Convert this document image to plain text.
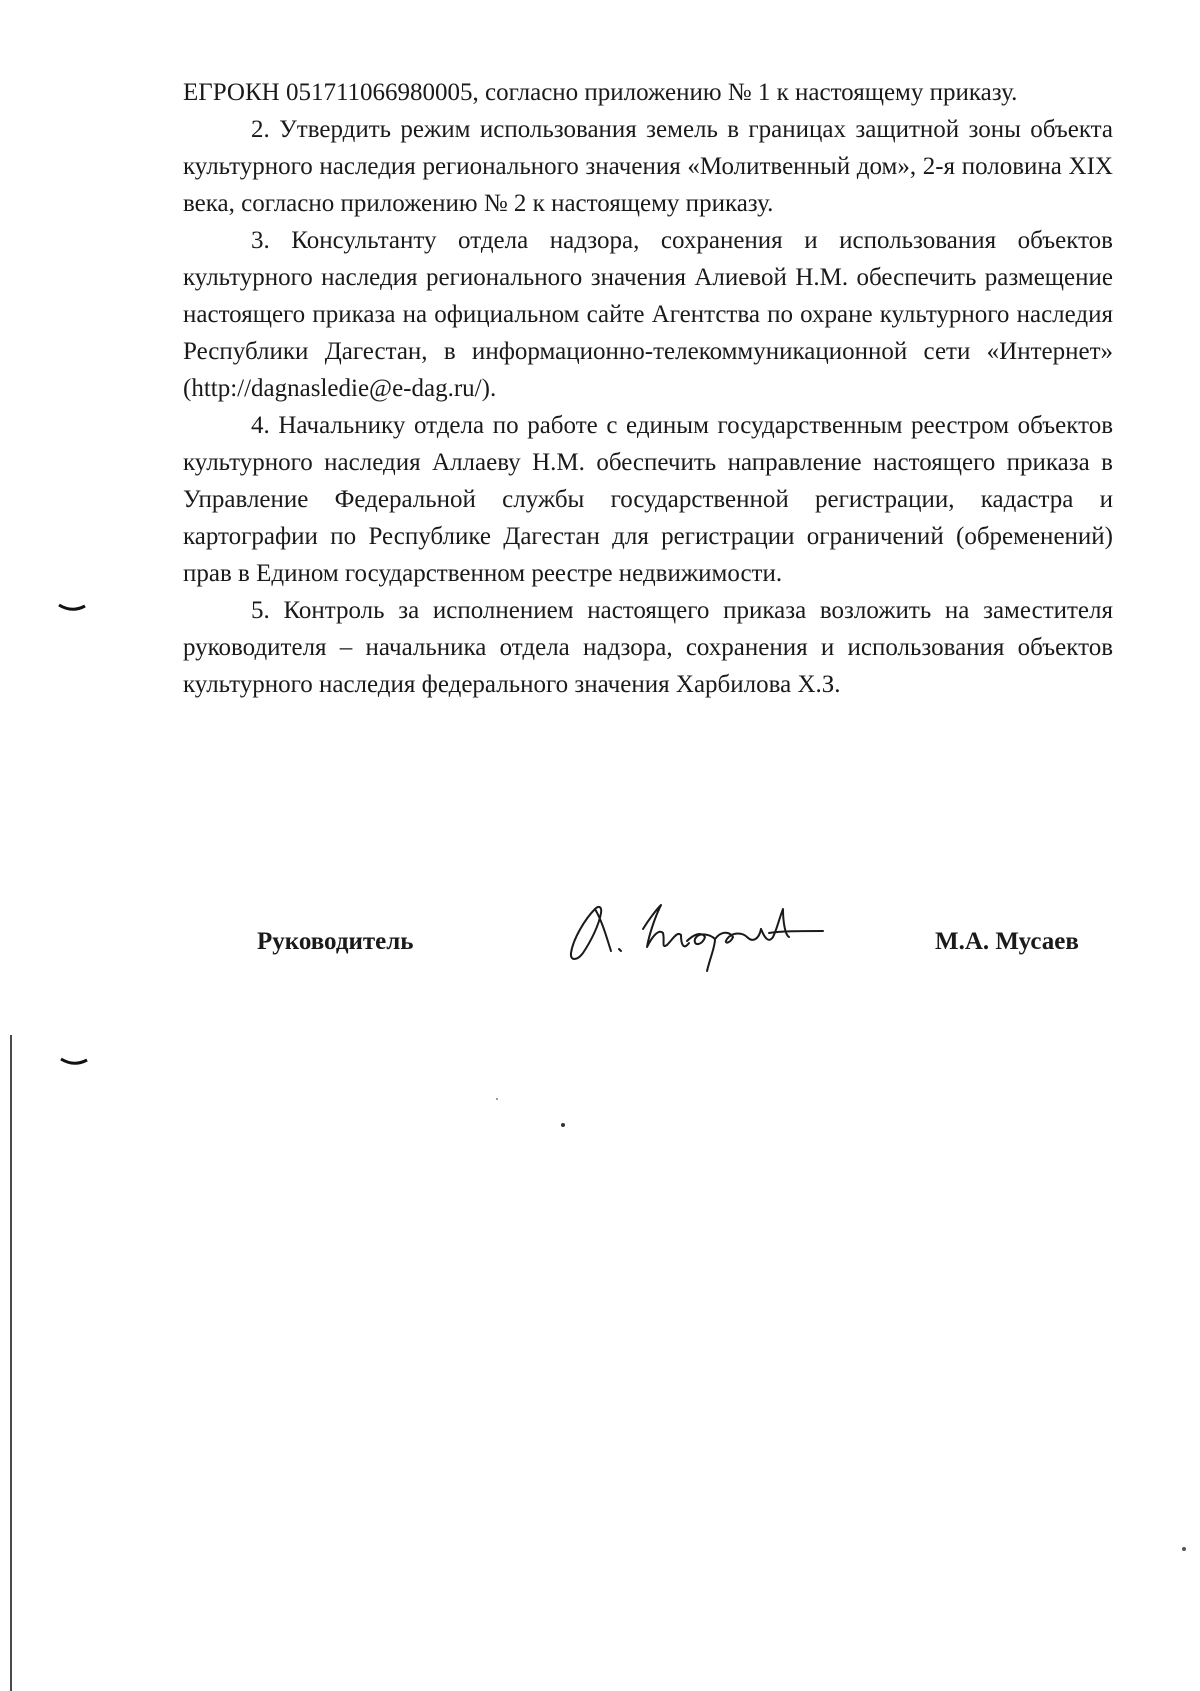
ЕГРОКН 051711066980005, согласно приложению № 1 к настоящему приказу.

2. Утвердить режим использования земель в границах защитной зоны объекта культурного наследия регионального значения «Молитвенный дом», 2-я половина XIX века, согласно приложению № 2 к настоящему приказу.

3. Консультанту отдела надзора, сохранения и использования объектов культурного наследия регионального значения Алиевой Н.М. обеспечить размещение настоящего приказа на официальном сайте Агентства по охране культурного наследия Республики Дагестан, в информационно-телекоммуникационной сети «Интернет» (http://dagnasledie@e-dag.ru/).

4. Начальнику отдела по работе с единым государственным реестром объектов культурного наследия Аллаеву Н.М. обеспечить направление настоящего приказа в Управление Федеральной службы государственной регистрации, кадастра и картографии по Республике Дагестан для регистрации ограничений (обременений) прав в Едином государственном реестре недвижимости.

5. Контроль за исполнением настоящего приказа возложить на заместителя руководителя – начальника отдела надзора, сохранения и использования объектов культурного наследия федерального значения Харбилова Х.З.

Руководитель	М.А. Мусаев
